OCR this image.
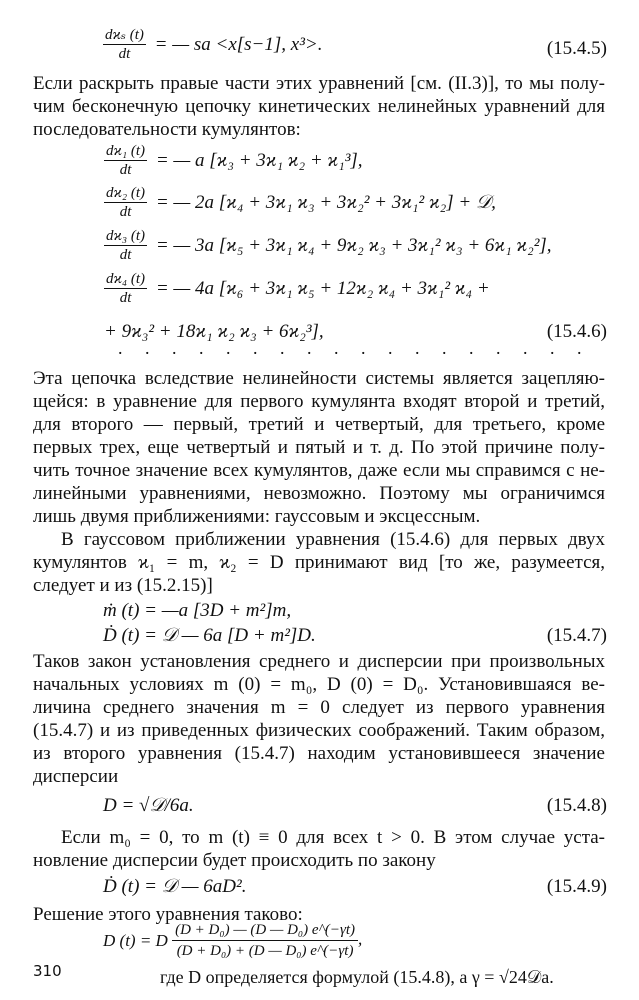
$\frac{\text{dϰₛ (t)}}{dt}$ = — sa <x[s−1], x³>.	(15.4.5)
Если раскрыть правые части этих уравнений [см. (II.3)], то мы полу-
чим бесконечную цепочку кинетических нелинейных уравнений для
последовательности кумулянтов:
$\frac{\text{dϰ₁ (t)}}{dt}$ = — a [ϰ₃ + 3ϰ₁ ϰ₂ + ϰ₁³],
$\frac{\text{dϰ₂ (t)}}{dt}$ = — 2a [ϰ₄ + 3ϰ₁ ϰ₃ + 3ϰ₂² + 3ϰ₁² ϰ₂] + 𝒟,
$\frac{\text{dϰ₃ (t)}}{dt}$ = — 3a [ϰ₅ + 3ϰ₁ ϰ₄ + 9ϰ₂ ϰ₃ + 3ϰ₁² ϰ₃ + 6ϰ₁ ϰ₂²],
$\frac{\text{dϰ₄ (t)}}{dt}$ = — 4a [ϰ₆ + 3ϰ₁ ϰ₅ + 12ϰ₂ ϰ₄ + 3ϰ₁² ϰ₄ +
+ 9ϰ₃² + 18ϰ₁ ϰ₂ ϰ₃ + 6ϰ₂³],	(15.4.6)
. . . . . . . . . . . . . . . . . .
Эта цепочка вследствие нелинейности системы является зацепляю-
щейся: в уравнение для первого кумулянта входят второй и третий,
для второго — первый, третий и четвертый, для третьего, кроме
первых трех, еще четвертый и пятый и т. д. По этой причине полу-
чить точное значение всех кумулянтов, даже если мы справимся с не-
линейными уравнениями, невозможно. Поэтому мы ограничимся
лишь двумя приближениями: гауссовым и эксцессным.
В гауссовом приближении уравнения (15.4.6) для первых двух
кумулянтов ϰ₁ = m, ϰ₂ = D принимают вид [то же, разумеется,
следует и из (15.2.15)]
ṁ (t) = —a [3D + m²]m,
Ḋ (t) = 𝒟 — 6a [D + m²]D.	(15.4.7)
Таков закон установления среднего и дисперсии при произвольных
начальных условиях m (0) = m₀, D (0) = D₀. Установившаяся ве-
личина среднего значения m = 0 следует из первого уравнения
(15.4.7) и из приведенных физических соображений. Таким образом,
из второго уравнения (15.4.7) находим установившееся значение
дисперсии
D = √𝒟/6a.	(15.4.8)
Если m₀ = 0, то m (t) ≡ 0 для всех t > 0. В этом случае уста-
новление дисперсии будет происходить по закону
Ḋ (t) = 𝒟 — 6aD².	(15.4.9)
Решение этого уравнения таково:
310
D (t) = D $\frac{\text{(D + D₀) — (D — D₀) e\textasciicircum{}(−γt)}}{\text{(D + D₀) + (D — D₀) e\textasciicircum{}(−γt)}}$ ,
где D определяется формулой (15.4.8), а γ = √24𝒟a.
